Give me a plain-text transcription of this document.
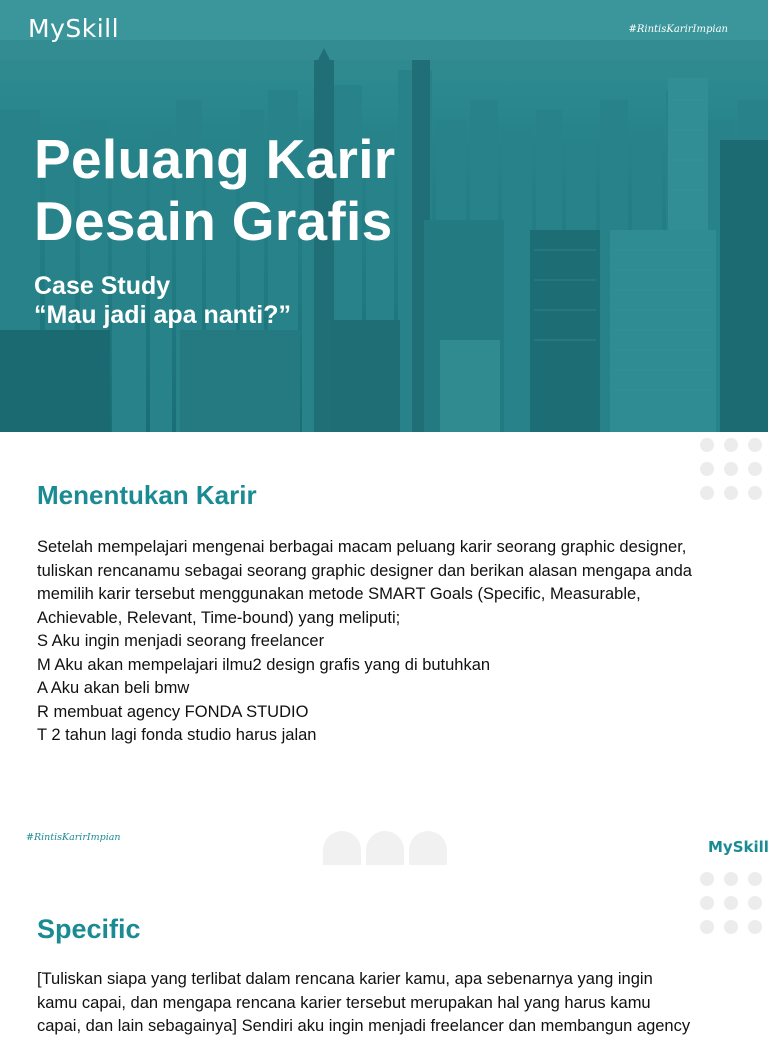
MySkill	#RintisKarirImpian
Peluang Karir
Desain Grafis
Case Study
“Mau jadi apa nanti?”
Menentukan Karir
Setelah mempelajari mengenai berbagai macam peluang karir seorang graphic designer,
tuliskan rencanamu sebagai seorang graphic designer dan berikan alasan mengapa anda
memilih karir tersebut menggunakan metode SMART Goals (Specific, Measurable,
Achievable, Relevant, Time-bound) yang meliputi;
S Aku ingin menjadi seorang freelancer
M Aku akan mempelajari ilmu2 design grafis yang di butuhkan
A Aku akan beli bmw
R membuat agency FONDA STUDIO
T 2 tahun lagi fonda studio harus jalan
#RintisKarirImpian
MySkill
Specific
[Tuliskan siapa yang terlibat dalam rencana karier kamu, apa sebenarnya yang ingin
kamu capai, dan mengapa rencana karier tersebut merupakan hal yang harus kamu
capai, dan lain sebagainya] Sendiri aku ingin menjadi freelancer dan membangun agency
